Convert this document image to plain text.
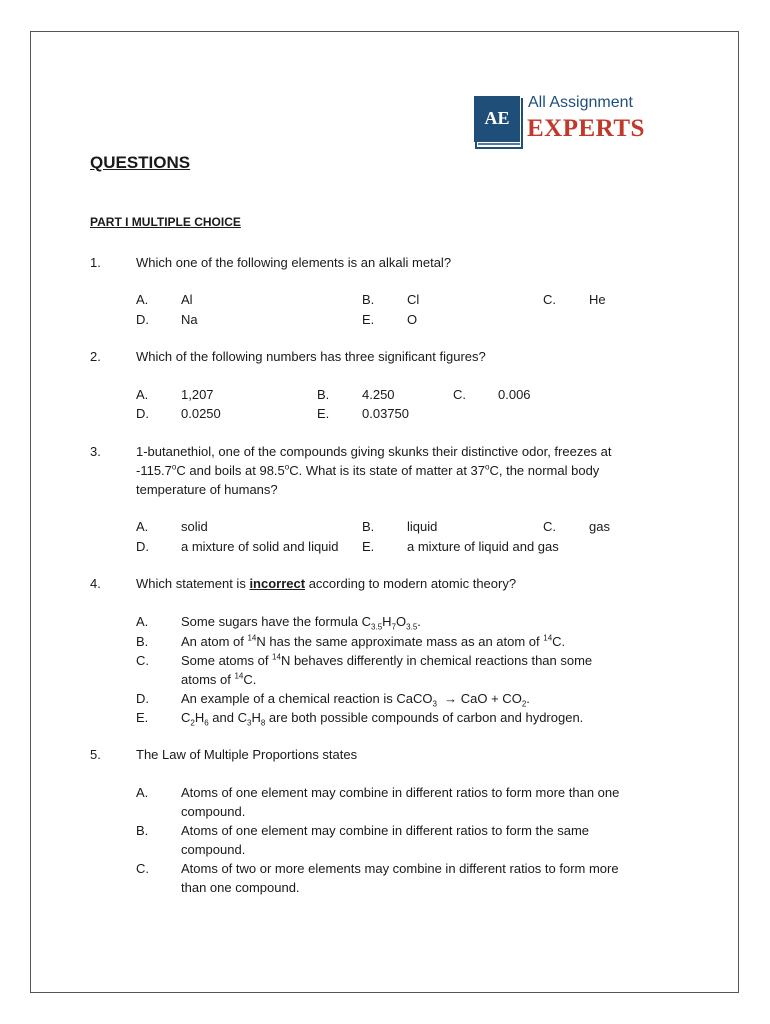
AE
All Assignment
EXPERTS
QUESTIONS
PART I MULTIPLE CHOICE
1.	Which one of the following elements is an alkali metal?
A.	Al	B.	Cl	C.	He
D. Na	E.	O
2.	Which of the following numbers has three significant figures?
A.	1,207	B.	4.250	C. 0.006
D. 0.0250	E.	0.03750
3.	1-butanethiol, one of the compounds giving skunks their distinctive odor, freezes at
-115.7$^o$C and boils at 98.5$^o$C. What is its state of matter at 37$^o$C, the normal body
temperature of humans?
A.	solid	B.	liquid	C.	gas
D. a mixture of solid and liquid E.	a mixture of liquid and gas
4.	Which statement is incorrect according to modern atomic theory?
A.	Some sugars have the formula $C_{3.5}H_7O_{3.5}$.
B.	An atom of $^{14}$N has the same approximate mass as an atom of $^{14}$C.
C. Some atoms of $^{14}$N behaves differently in chemical reactions than some
atoms of $^{14}$C.
D. An example of a chemical reaction is CaCO$_3$ → CaO + $CO_2$.
E.	$C_2H_6$ and $C_3H_8$ are both possible compounds of carbon and hydrogen.
5.	The Law of Multiple Proportions states
A.	Atoms of one element may combine in different ratios to form more than one
compound.
B.	Atoms of one element may combine in different ratios to form the same
compound.
C. Atoms of two or more elements may combine in different ratios to form more
than one compound.
